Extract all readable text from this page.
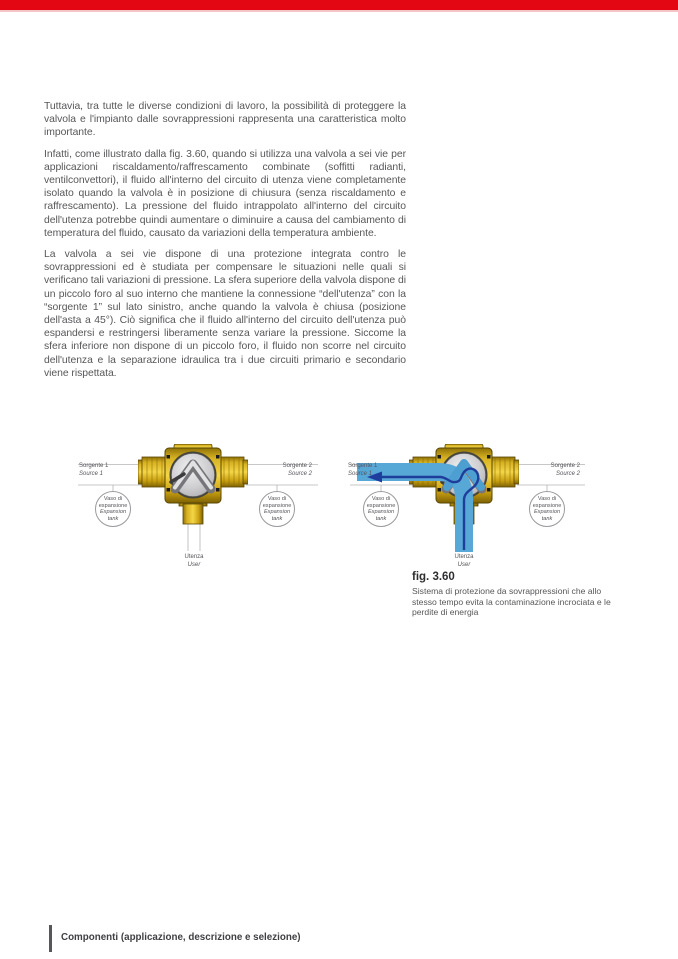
Tuttavia, tra tutte le diverse condizioni di lavoro, la possibilità di proteggere la valvola e l'impianto dalle sovrappressioni rappresenta una caratteristica molto importante.

Infatti, come illustrato dalla fig. 3.60, quando si utilizza una valvola a sei vie per applicazioni riscaldamento/raffrescamento combinate (soffitti radianti, ventilconvettori), il fluido all'interno del circuito di utenza viene completamente isolato quando la valvola è in posizione di chiusura (senza riscaldamento e raffrescamento). La pressione del fluido intrappolato all'interno del circuito dell'utenza potrebbe quindi aumentare o diminuire a causa del cambiamento di temperatura del fluido, causato da variazioni della temperatura ambiente.

La valvola a sei vie dispone di una protezione integrata contro le sovrappressioni ed è studiata per compensare le situazioni nelle quali si verificano tali variazioni di pressione. La sfera superiore della valvola dispone di un piccolo foro al suo interno che mantiene la connessione “dell'utenza” con la “sorgente 1” sul lato sinistro, anche quando la valvola è chiusa (posizione dell'asta a 45°). Ciò significa che il fluido all'interno del circuito dell'utenza può espandersi e restringersi liberamente senza variare la pressione. Siccome la sfera inferiore non dispone di un piccolo foro, il fluido non scorre nel circuito dell'utenza e la separazione idraulica tra i due circuiti primario e secondario viene rispettata.

Sorgente 1
Source 1
Sorgente 2
Source 2
Vaso di
espansione
Expansion
tank
Vaso di
espansione
Expansion
tank
Utenza
User
Sorgente 1
Source 1
Sorgente 2
Source 2
Vaso di
espansione
Expansion
tank
Vaso di
espansione
Expansion
tank
Utenza
User
fig. 3.60
Sistema di protezione da sovrappressioni che allo stesso tempo evita la contaminazione incrociata e le perdite di energia
Componenti (applicazione, descrizione e selezione)
